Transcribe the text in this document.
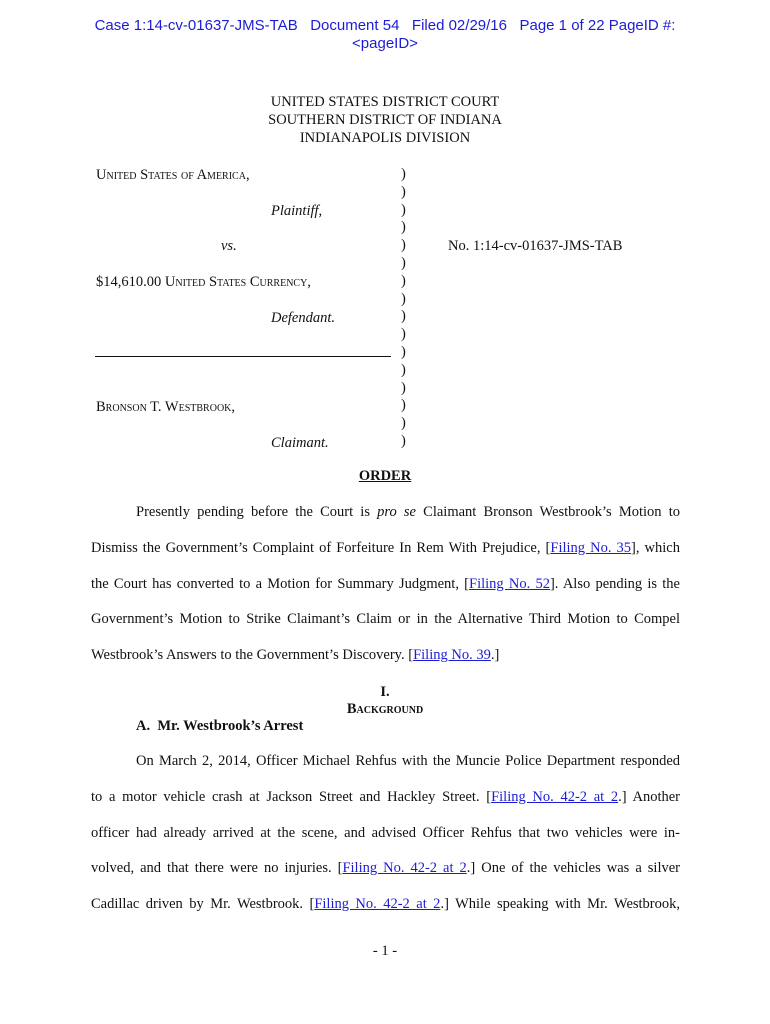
Case 1:14-cv-01637-JMS-TAB   Document 54   Filed 02/29/16   Page 1 of 22 PageID #:
<pageID>
UNITED STATES DISTRICT COURT
SOUTHERN DISTRICT OF INDIANA
INDIANAPOLIS DIVISION
United States of America,
Plaintiff,
vs.
$14,610.00 United States Currency,
Defendant.
Bronson T. Westbrook,
Claimant.
No. 1:14-cv-01637-JMS-TAB
)
)
)
)
)
)
)
)
)
)
)
)
)
)
)
)
ORDER
Presently pending before the Court is pro se Claimant Bronson Westbrook’s Motion to
Dismiss the Government’s Complaint of Forfeiture In Rem With Prejudice, [Filing No. 35], which
the Court has converted to a Motion for Summary Judgment, [Filing No. 52]. Also pending is the
Government’s Motion to Strike Claimant’s Claim or in the Alternative Third Motion to Compel
Westbrook’s Answers to the Government’s Discovery. [Filing No. 39.]
I.
Background
A.  Mr. Westbrook’s Arrest
On March 2, 2014, Officer Michael Rehfus with the Muncie Police Department responded
to a motor vehicle crash at Jackson Street and Hackley Street. [Filing No. 42-2 at 2.] Another
officer had already arrived at the scene, and advised Officer Rehfus that two vehicles were in-
volved, and that there were no injuries. [Filing No. 42-2 at 2.] One of the vehicles was a silver
Cadillac driven by Mr. Westbrook. [Filing No. 42-2 at 2.] While speaking with Mr. Westbrook,
- 1 -
